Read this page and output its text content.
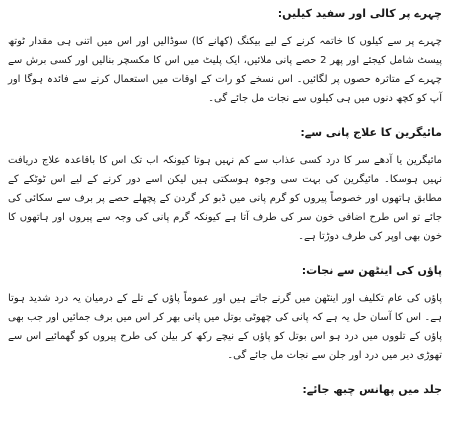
چہرے پر کالی اور سفید کیلیں:

چہرے پر سے کیلوں کا خاتمہ کرنے کے لیے بیکنگ (کھانے کا) سوڈالیں اور اس میں اتنی ہی مقدار ٹوتھ پیسٹ شامل کیجئے اور پھر 2 حصے پانی ملائیں، ایک پلیٹ میں اس کا مکسچر بنالیں اور کسی برش سے چہرے کے متاثرہ حصوں پر لگائیں۔ اس نسخے کو رات کے اوقات میں استعمال کرنے سے فائدہ ہوگا اور آپ کو کچھ دنوں میں ہی کیلوں سے نجات مل جائے گی۔

مائیگرین کا علاج پانی سے:

مائیگرین یا آدھے سر کا درد کسی عذاب سے کم نہیں ہوتا کیونکہ اب تک اس کا باقاعدہ علاج دریافت نہیں ہوسکا۔ مائیگرین کی بہت سی وجوہ ہوسکتی ہیں لیکن اسے دور کرنے کے لیے اس ٹوٹکے کے مطابق ہاتھوں اور خصوصاً پیروں کو گرم پانی میں ڈبو کر گردن کے پچھلے حصے پر برف سے سکائی کی جائے تو اس طرح اضافی خون سر کی طرف آتا ہے کیونکہ گرم پانی کی وجہ سے پیروں اور ہاتھوں کا خون بھی اوپر کی طرف دوڑتا ہے۔

پاؤں کی اینٹھن سے نجات:

پاؤں کی عام تکلیف اور اینٹھن میں گرنے جاتے ہیں اور عموماً پاؤں کے تلے کے درمیان یہ درد شدید ہوتا ہے۔ اس کا آسان حل یہ ہے کہ پانی کی چھوٹی بوتل میں پانی بھر کر اس میں برف جمائیں اور جب بھی پاؤں کے تلووں میں درد ہو اس بوتل کو پاؤں کے نیچے رکھ کر بیلن کی طرح پیروں کو گھمائیے اس سے تھوڑی دیر میں درد اور جلن سے نجات مل جائے گی۔

جلد میں پھانس چبھ جائے:
